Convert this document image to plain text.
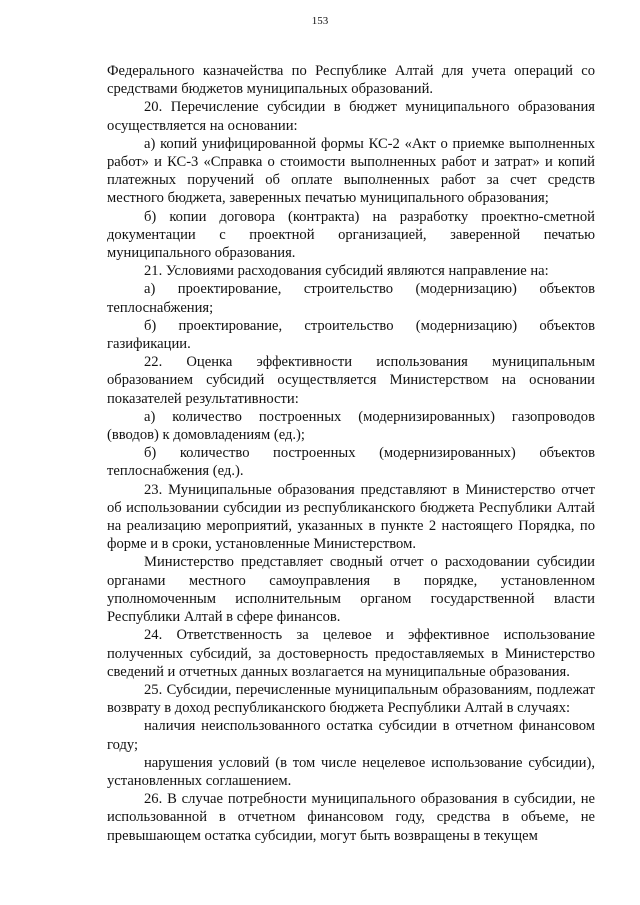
153

Федерального казначейства по Республике Алтай для учета операций со средствами бюджетов муниципальных образований.

20. Перечисление субсидии в бюджет муниципального образования осуществляется на основании:

а) копий унифицированной формы КС-2 «Акт о приемке выполненных работ» и КС-3 «Справка о стоимости выполненных работ и затрат» и копий платежных поручений об оплате выполненных работ за счет средств местного бюджета, заверенных печатью муниципального образования;

б) копии договора (контракта) на разработку проектно-сметной документации с проектной организацией, заверенной печатью муниципального образования.

21. Условиями расходования субсидий являются направление на:

а) проектирование, строительство (модернизацию) объектов теплоснабжения;

б) проектирование, строительство (модернизацию) объектов газификации.

22. Оценка эффективности использования муниципальным образованием субсидий осуществляется Министерством на основании показателей результативности:

а) количество построенных (модернизированных) газопроводов (вводов) к домовладениям (ед.);

б) количество построенных (модернизированных) объектов теплоснабжения (ед.).

23. Муниципальные образования представляют в Министерство отчет об использовании субсидии из республиканского бюджета Республики Алтай на реализацию мероприятий, указанных в пункте 2 настоящего Порядка, по форме и в сроки, установленные Министерством.

Министерство представляет сводный отчет о расходовании субсидии органами местного самоуправления в порядке, установленном уполномоченным исполнительным органом государственной власти Республики Алтай в сфере финансов.

24. Ответственность за целевое и эффективное использование полученных субсидий, за достоверность предоставляемых в Министерство сведений и отчетных данных возлагается на муниципальные образования.

25. Субсидии, перечисленные муниципальным образованиям, подлежат возврату в доход республиканского бюджета Республики Алтай в случаях:

наличия неиспользованного остатка субсидии в отчетном финансовом году;

нарушения условий (в том числе нецелевое использование субсидии), установленных соглашением.

26. В случае потребности муниципального образования в субсидии, не использованной в отчетном финансовом году, средства в объеме, не превышающем остатка субсидии, могут быть возвращены в текущем
